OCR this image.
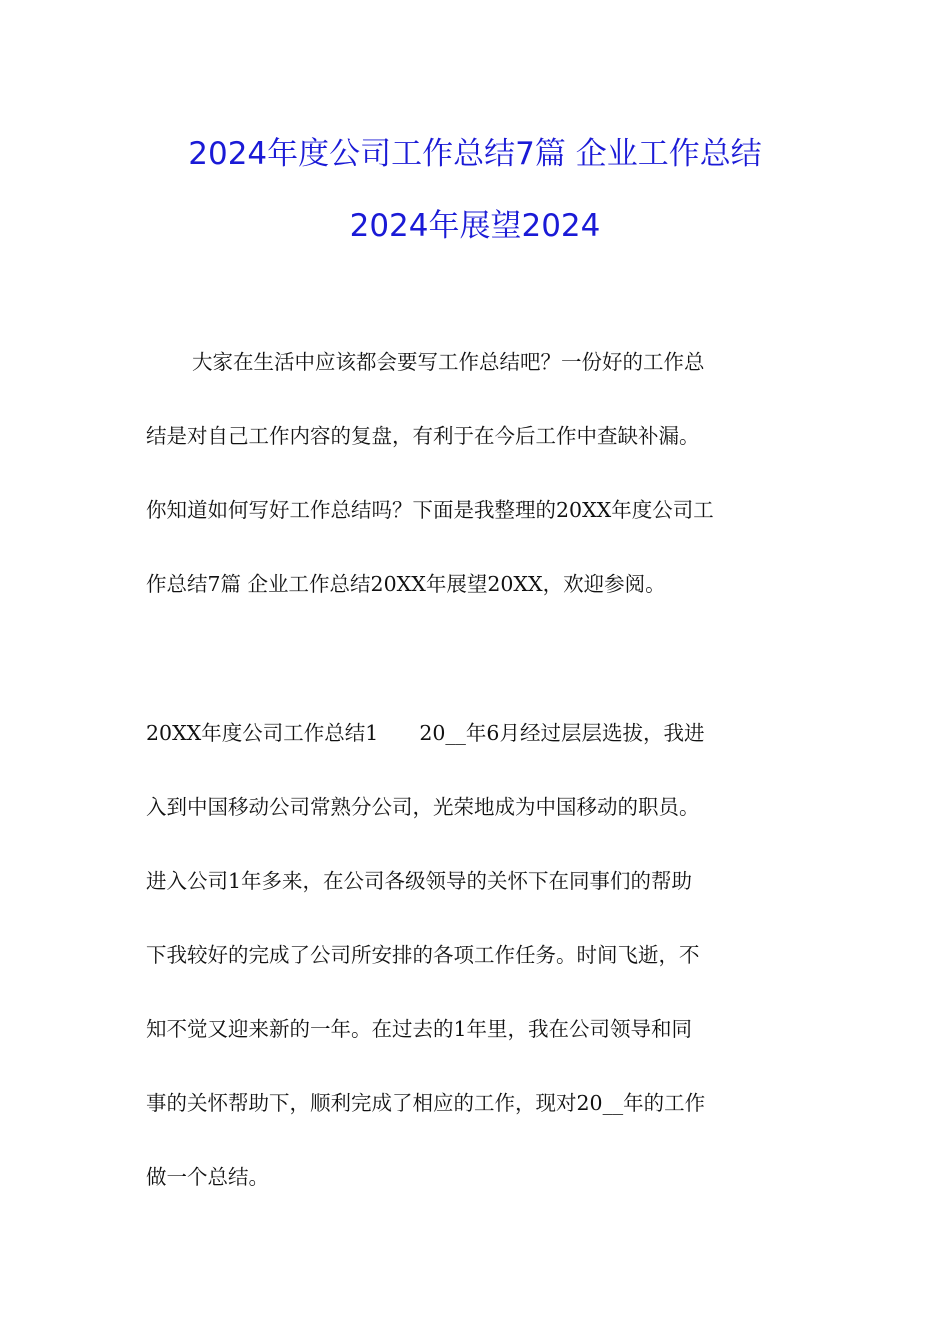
2024年度公司工作总结7篇 企业工作总结
2024年展望2024
大家在生活中应该都会要写工作总结吧？一份好的工作总
结是对自己工作内容的复盘，有利于在今后工作中查缺补漏。
你知道如何写好工作总结吗？下面是我整理的20XX年度公司工
作总结7篇 企业工作总结20XX年展望20XX，欢迎参阅。
20XX年度公司工作总结1　　20__年6月经过层层选拔，我进
入到中国移动公司常熟分公司，光荣地成为中国移动的职员。
进入公司1年多来，在公司各级领导的关怀下在同事们的帮助
下我较好的完成了公司所安排的各项工作任务。时间飞逝，不
知不觉又迎来新的一年。在过去的1年里，我在公司领导和同
事的关怀帮助下，顺利完成了相应的工作，现对20__年的工作
做一个总结。
